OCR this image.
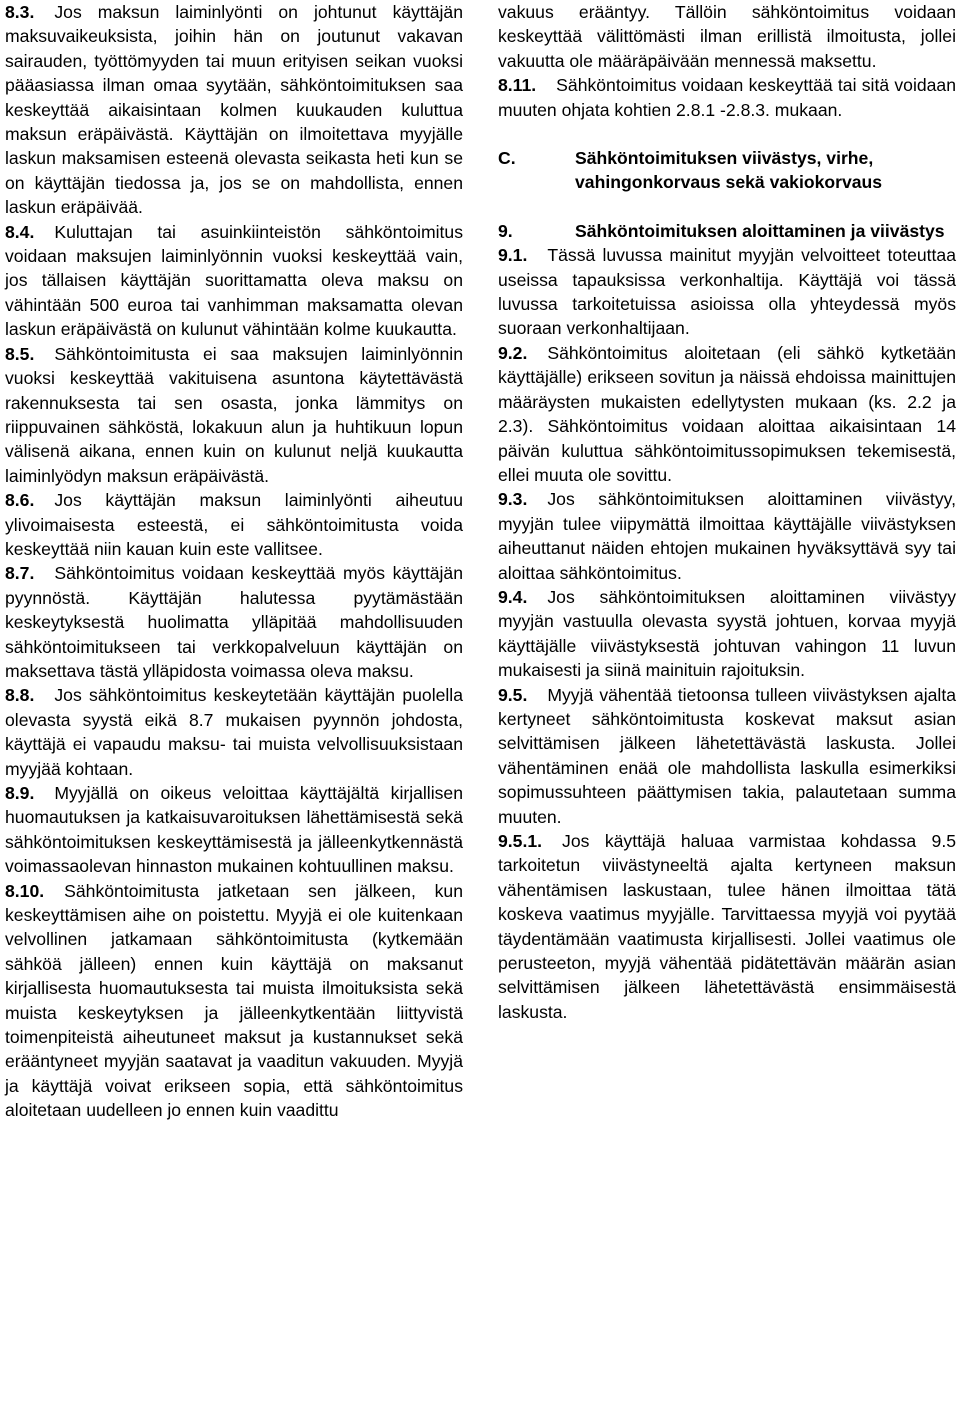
8.3. Jos maksun laiminlyönti on johtunut käyttäjän maksuvaikeuksista, joihin hän on joutunut vakavan sairauden, työttömyyden tai muun erityisen seikan vuoksi pääasiassa ilman omaa syytään, sähköntoimituksen saa keskeyttää aikaisintaan kolmen kuukauden kuluttua maksun eräpäivästä. Käyttäjän on ilmoitettava myyjälle laskun maksamisen esteenä olevasta seikasta heti kun se on käyttäjän tiedossa ja, jos se on mahdollista, ennen laskun eräpäivää.

8.4. Kuluttajan tai asuinkiinteistön sähköntoimitus voidaan maksujen laiminlyönnin vuoksi keskeyttää vain, jos tällaisen käyttäjän suorittamatta oleva maksu on vähintään 500 euroa tai vanhimman maksamatta olevan laskun eräpäivästä on kulunut vähintään kolme kuukautta.

8.5. Sähköntoimitusta ei saa maksujen laiminlyönnin vuoksi keskeyttää vakituisena asuntona käytettävästä rakennuksesta tai sen osasta, jonka lämmitys on riippuvainen sähköstä, lokakuun alun ja huhtikuun lopun välisenä aikana, ennen kuin on kulunut neljä kuukautta laiminlyödyn maksun eräpäivästä.

8.6. Jos käyttäjän maksun laiminlyönti aiheutuu ylivoimaisesta esteestä, ei sähköntoimitusta voida keskeyttää niin kauan kuin este vallitsee.

8.7. Sähköntoimitus voidaan keskeyttää myös käyttäjän pyynnöstä. Käyttäjän halutessa pyytämästään keskeytyksestä huolimatta ylläpitää mahdollisuuden sähköntoimitukseen tai verkkopalveluun käyttäjän on maksettava tästä ylläpidosta voimassa oleva maksu.

8.8. Jos sähköntoimitus keskeytetään käyttäjän puolella olevasta syystä eikä 8.7 mukaisen pyynnön johdosta, käyttäjä ei vapaudu maksu- tai muista velvollisuuksistaan myyjää kohtaan.

8.9. Myyjällä on oikeus veloittaa käyttäjältä kirjallisen huomautuksen ja katkaisuvaroituksen lähettämisestä sekä sähköntoimituksen keskeyttämisestä ja jälleenkytkennästä voimassaolevan hinnaston mukainen kohtuullinen maksu.

8.10. Sähköntoimitusta jatketaan sen jälkeen, kun keskeyttämisen aihe on poistettu. Myyjä ei ole kuitenkaan velvollinen jatkamaan sähköntoimitusta (kytkemään sähköä jälleen) ennen kuin käyttäjä on maksanut kirjallisesta huomautuksesta tai muista ilmoituksista sekä muista keskeytyksen ja jälleenkytkentään liittyvistä toimenpiteistä aiheutuneet maksut ja kustannukset sekä erääntyneet myyjän saatavat ja vaaditun vakuuden. Myyjä ja käyttäjä voivat erikseen sopia, että sähköntoimitus aloitetaan uudelleen jo ennen kuin vaadittu

vakuus erääntyy. Tällöin sähköntoimitus voidaan keskeyttää välittömästi ilman erillistä ilmoitusta, jollei vakuutta ole määräpäivään mennessä maksettu.

8.11. Sähköntoimitus voidaan keskeyttää tai sitä voidaan muuten ohjata kohtien 2.8.1 -2.8.3. mukaan.

C.	Sähköntoimituksen viivästys, virhe, vahingonkorvaus sekä vakiokorvaus
9.	Sähköntoimituksen aloittaminen ja viivästys

9.1. Tässä luvussa mainitut myyjän velvoitteet toteuttaa useissa tapauksissa verkonhaltija. Käyttäjä voi tässä luvussa tarkoitetuissa asioissa olla yhteydessä myös suoraan verkonhaltijaan.

9.2. Sähköntoimitus aloitetaan (eli sähkö kytketään käyttäjälle) erikseen sovitun ja näissä ehdoissa mainittujen määräysten mukaisten edellytysten mukaan (ks. 2.2 ja 2.3). Sähköntoimitus voidaan aloittaa aikaisintaan 14 päivän kuluttua sähköntoimitussopimuksen tekemisestä, ellei muuta ole sovittu.

9.3. Jos sähköntoimituksen aloittaminen viivästyy, myyjän tulee viipymättä ilmoittaa käyttäjälle viivästyksen aiheuttanut näiden ehtojen mukainen hyväksyttävä syy tai aloittaa sähköntoimitus.

9.4. Jos sähköntoimituksen aloittaminen viivästyy myyjän vastuulla olevasta syystä johtuen, korvaa myyjä käyttäjälle viivästyksestä johtuvan vahingon 11 luvun mukaisesti ja siinä mainituin rajoituksin.

9.5. Myyjä vähentää tietoonsa tulleen viivästyksen ajalta kertyneet sähköntoimitusta koskevat maksut asian selvittämisen jälkeen lähetettävästä laskusta. Jollei vähentäminen enää ole mahdollista laskulla esimerkiksi sopimussuhteen päättymisen takia, palautetaan summa muuten.

9.5.1. Jos käyttäjä haluaa varmistaa kohdassa 9.5 tarkoitetun viivästyneeltä ajalta kertyneen maksun vähentämisen laskustaan, tulee hänen ilmoittaa tätä koskeva vaatimus myyjälle. Tarvittaessa myyjä voi pyytää täydentämään vaatimusta kirjallisesti. Jollei vaatimus ole perusteeton, myyjä vähentää pidätettävän määrän asian selvittämisen jälkeen lähetettävästä ensimmäisestä laskusta.
